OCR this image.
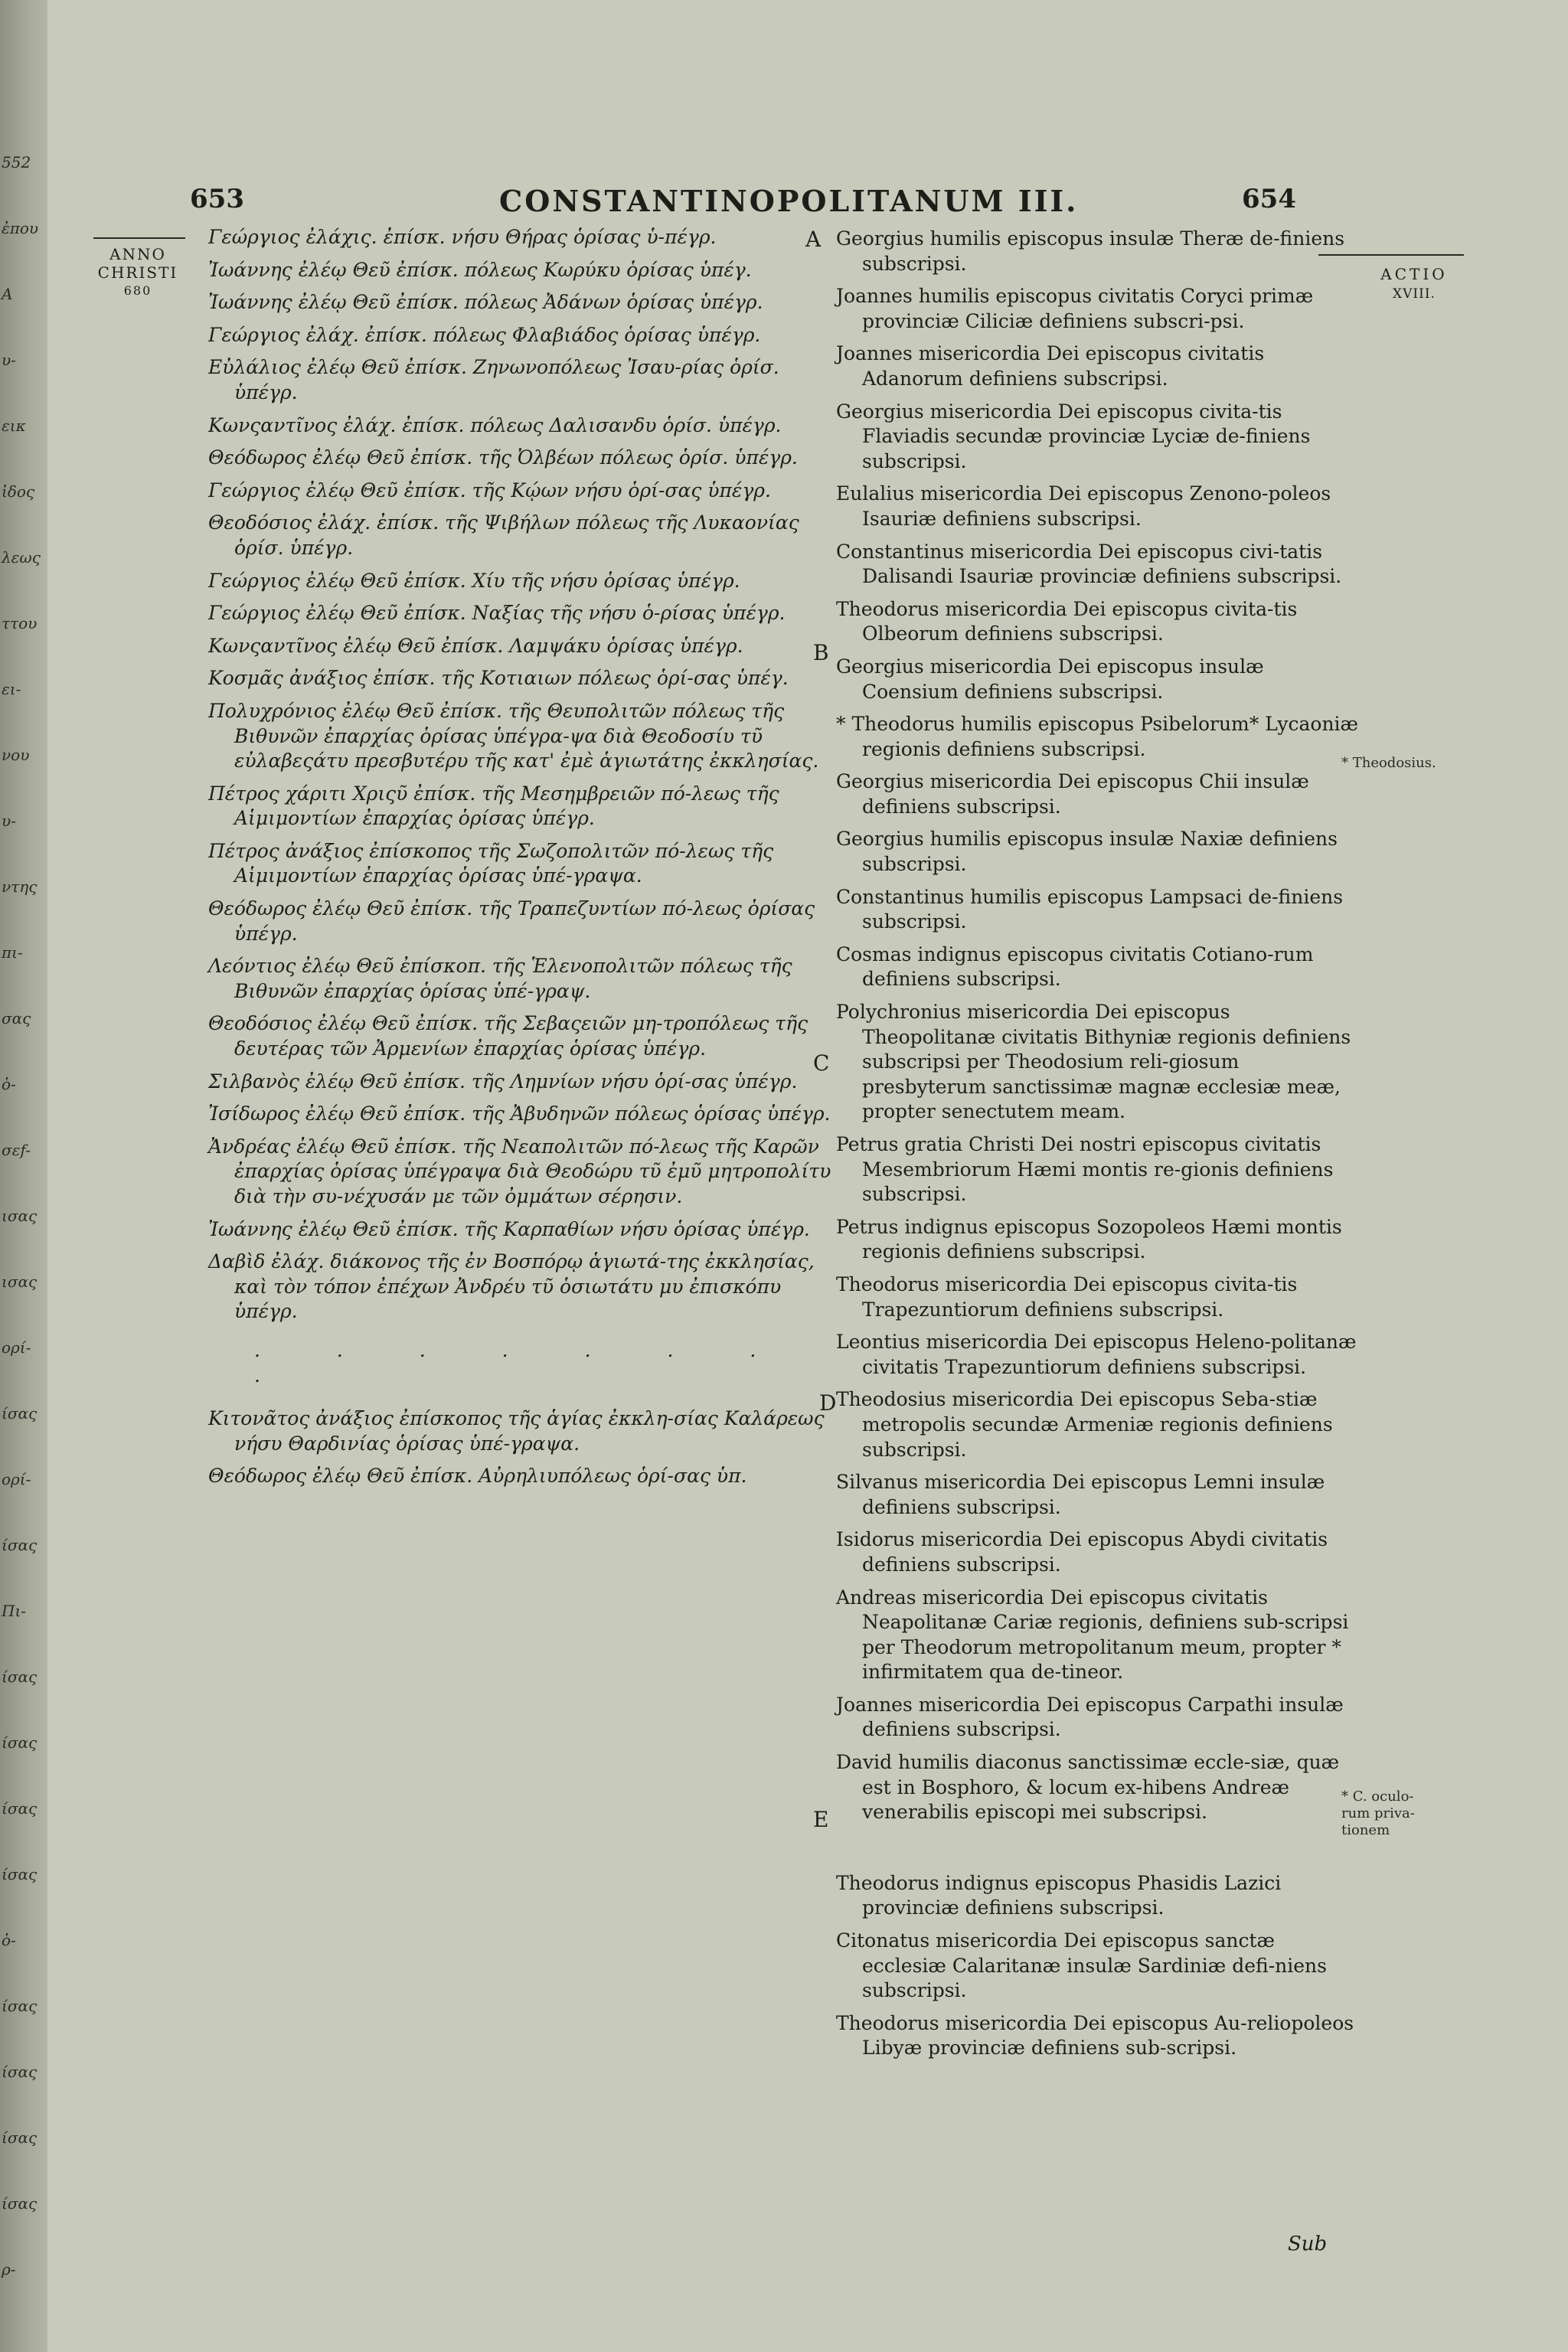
552
ἐπου
A
υ-
εικ
ἰδος
λεως
ττου
ει-
νου
υ-
ντης
πι-
σας
ὁ-
σεf-
ισας
ισας
ορί-
ίσας
ορί-
ίσας
Πι-
ίσας
ίσας
ίσας
ίσας
ὁ-
ίσας
ίσας
ίσας
ίσας
ρ-
653	CONSTANTINOPOLITANUM III.	654
ANNO
CHRISTI
680
ACTIO
XVIII.
Γεώργιος ἐλάχις. ἐπίσκ. νήσυ Θήρας ὁρίσας ὑ-πέγρ.
Ἰωάννης ἐλέῳ Θεῦ ἐπίσκ. πόλεως Κωρύκυ ὁρίσας ὑπέγ.
Ἰωάννης ἐλέῳ Θεῦ ἐπίσκ. πόλεως Ἀδάνων ὁρίσας ὑπέγρ.
Γεώργιος ἐλάχ. ἐπίσκ. πόλεως Φλαβιάδος ὁρίσας ὑπέγρ.
Εὐλάλιος ἐλέῳ Θεῦ ἐπίσκ. Ζηνωνοπόλεως Ἰσαυ-ρίας ὁρίσ. ὑπέγρ.
Κωνςαντῖνος ἐλάχ. ἐπίσκ. πόλεως Δαλισανδυ ὁρίσ. ὑπέγρ.
Θεόδωρος ἐλέῳ Θεῦ ἐπίσκ. τῆς Ὀλβέων πόλεως ὁρίσ. ὑπέγρ.
Γεώργιος ἐλέῳ Θεῦ ἐπίσκ. τῆς Κῴων νήσυ ὁρί-σας ὑπέγρ.
Θεοδόσιος ἐλάχ. ἐπίσκ. τῆς Ψιβήλων πόλεως τῆς Λυκαονίας ὁρίσ. ὑπέγρ.
Γεώργιος ἐλέῳ Θεῦ ἐπίσκ. Χίυ τῆς νήσυ ὁρίσας ὑπέγρ.
Γεώργιος ἐλέῳ Θεῦ ἐπίσκ. Ναξίας τῆς νήσυ ὁ-ρίσας ὑπέγρ.
Κωνςαντῖνος ἐλέῳ Θεῦ ἐπίσκ. Λαμψάκυ ὁρίσας ὑπέγρ.
Κοσμᾶς ἀνάξιος ἐπίσκ. τῆς Κοτιαιων πόλεως ὁρί-σας ὑπέγ.
Πολυχρόνιος ἐλέῳ Θεῦ ἐπίσκ. τῆς Θευπολιτῶν πόλεως τῆς Βιθυνῶν ἐπαρχίας ὁρίσας ὑπέγρα-ψα διὰ Θεοδοσίυ τῦ εὐλαβεςάτυ πρεσβυτέρυ τῆς κατ' ἐμὲ ἁγιωτάτης ἐκκλησίας.
Πέτρος χάριτι Χριςῦ ἐπίσκ. τῆς Μεσημβρειῶν πό-λεως τῆς Αἱμιμοντίων ἐπαρχίας ὁρίσας ὑπέγρ.
Πέτρος ἀνάξιος ἐπίσκοπος τῆς Σωζοπολιτῶν πό-λεως τῆς Αἱμιμοντίων ἐπαρχίας ὁρίσας ὑπέ-γραψα.
Θεόδωρος ἐλέῳ Θεῦ ἐπίσκ. τῆς Τραπεζυντίων πό-λεως ὁρίσας ὑπέγρ.
Λεόντιος ἐλέῳ Θεῦ ἐπίσκοπ. τῆς Ἑλενοπολιτῶν πόλεως τῆς Βιθυνῶν ἐπαρχίας ὁρίσας ὑπέ-γραψ.
Θεοδόσιος ἐλέῳ Θεῦ ἐπίσκ. τῆς Σεβαςειῶν μη-τροπόλεως τῆς δευτέρας τῶν Ἀρμενίων ἐπαρχίας ὁρίσας ὑπέγρ.
Σιλβανὸς ἐλέῳ Θεῦ ἐπίσκ. τῆς Λημνίων νήσυ ὁρί-σας ὑπέγρ.
Ἰσίδωρος ἐλέῳ Θεῦ ἐπίσκ. τῆς Ἀβυδηνῶν πόλεως ὁρίσας ὑπέγρ.
Ἀνδρέας ἐλέῳ Θεῦ ἐπίσκ. τῆς Νεαπολιτῶν πό-λεως τῆς Καρῶν ἐπαρχίας ὁρίσας ὑπέγραψα διὰ Θεοδώρυ τῦ ἐμῦ μητροπολίτυ διὰ τὴν συ-νέχυσάν με τῶν ὀμμάτων σέρησιν.
Ἰωάννης ἐλέῳ Θεῦ ἐπίσκ. τῆς Καρπαθίων νήσυ ὁρίσας ὑπέγρ.
Δαβὶδ ἐλάχ. διάκονος τῆς ἐν Βοσπόρῳ ἁγιωτά-της ἐκκλησίας, καὶ τὸν τόπον ἐπέχων Ἀνδρέυ τῦ ὁσιωτάτυ μυ ἐπισκόπυ ὑπέγρ.
. . . . . . . .
Κιτονᾶτος ἀνάξιος ἐπίσκοπος τῆς ἁγίας ἐκκλη-σίας Καλάρεως νήσυ Θαρδινίας ὁρίσας ὑπέ-γραψα.
Θεόδωρος ἐλέῳ Θεῦ ἐπίσκ. Αὐρηλιυπόλεως ὁρί-σας ὑπ.
Georgius humilis episcopus insulæ Theræ de-finiens subscripsi.
Joannes humilis episcopus civitatis Coryci primæ provinciæ Ciliciæ definiens subscri-psi.
Joannes misericordia Dei episcopus civitatis Adanorum definiens subscripsi.
Georgius misericordia Dei episcopus civita-tis Flaviadis secundæ provinciæ Lyciæ de-finiens subscripsi.
Eulalius misericordia Dei episcopus Zenono-poleos Isauriæ definiens subscripsi.
Constantinus misericordia Dei episcopus civi-tatis Dalisandi Isauriæ provinciæ definiens subscripsi.
Theodorus misericordia Dei episcopus civita-tis Olbeorum definiens subscripsi.
Georgius misericordia Dei episcopus insulæ Coensium definiens subscripsi.
* Theodorus humilis episcopus Psibelorum* Lycaoniæ regionis definiens subscripsi.
Georgius misericordia Dei episcopus Chii insulæ definiens subscripsi.
Georgius humilis episcopus insulæ Naxiæ definiens subscripsi.
Constantinus humilis episcopus Lampsaci de-finiens subscripsi.
Cosmas indignus episcopus civitatis Cotiano-rum definiens subscripsi.
Polychronius misericordia Dei episcopus Theopolitanæ civitatis Bithyniæ regionis definiens subscripsi per Theodosium reli-giosum presbyterum sanctissimæ magnæ ecclesiæ meæ, propter senectutem meam.
Petrus gratia Christi Dei nostri episcopus civitatis Mesembriorum Hæmi montis re-gionis definiens subscripsi.
Petrus indignus episcopus Sozopoleos Hæmi montis regionis definiens subscripsi.
Theodorus misericordia Dei episcopus civita-tis Trapezuntiorum definiens subscripsi.
Leontius misericordia Dei episcopus Heleno-politanæ civitatis Trapezuntiorum definiens subscripsi.
Theodosius misericordia Dei episcopus Seba-stiæ metropolis secundæ Armeniæ regionis definiens subscripsi.
Silvanus misericordia Dei episcopus Lemni insulæ definiens subscripsi.
Isidorus misericordia Dei episcopus Abydi civitatis definiens subscripsi.
Andreas misericordia Dei episcopus civitatis Neapolitanæ Cariæ regionis, definiens sub-scripsi per Theodorum metropolitanum meum, propter * infirmitatem qua de-tineor.
Joannes misericordia Dei episcopus Carpathi insulæ definiens subscripsi.
David humilis diaconus sanctissimæ eccle-siæ, quæ est in Bosphoro, & locum ex-hibens Andreæ venerabilis episcopi mei subscripsi.
Theodorus indignus episcopus Phasidis Lazici provinciæ definiens subscripsi.
Citonatus misericordia Dei episcopus sanctæ ecclesiæ Calaritanæ insulæ Sardiniæ defi-niens subscripsi.
Theodorus misericordia Dei episcopus Au-reliopoleos Libyæ provinciæ definiens sub-scripsi.
A
B
C
D
E
* Theodosius.
* C. oculo-rum priva-tionem
Sub
